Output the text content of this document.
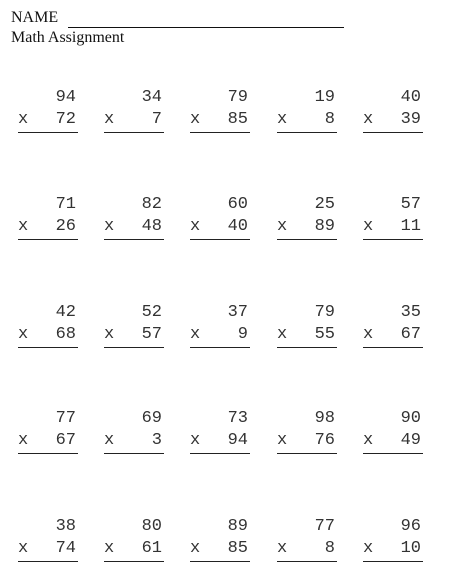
NAME
Math Assignment
94
x 72
34
x 7
79
x 85
19
x 8
40
x 39
71
x 26
82
x 48
60
x 40
25
x 89
57
x 11
42
x 68
52
x 57
37
x 9
79
x 55
35
x 67
77
x 67
69
x 3
73
x 94
98
x 76
90
x 49
38
x 74
80
x 61
89
x 85
77
x 8
96
x 10
